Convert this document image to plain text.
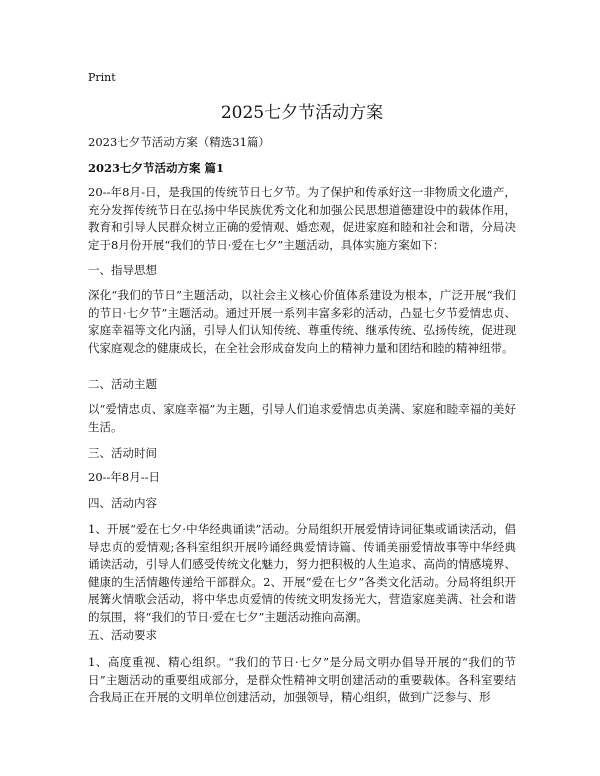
Print
2025七夕节活动方案
2023七夕节活动方案（精选31篇）
2023七夕节活动方案 篇1
20--年8月-日，是我国的传统节日七夕节。为了保护和传承好这一非物质文化遗产，充分发挥传统节日在弘扬中华民族优秀文化和加强公民思想道德建设中的载体作用，教育和引导人民群众树立正确的爱情观、婚恋观，促进家庭和睦和社会和谐，分局决定于8月份开展“我们的节日·爱在七夕”主题活动，具体实施方案如下：
一、指导思想
深化“我们的节日”主题活动，以社会主义核心价值体系建设为根本，广泛开展“我们的节日·七夕节”主题活动。通过开展一系列丰富多彩的活动，凸显七夕节爱情忠贞、家庭幸福等文化内涵，引导人们认知传统、尊重传统、继承传统、弘扬传统，促进现代家庭观念的健康成长，在全社会形成奋发向上的精神力量和团结和睦的精神纽带。
二、活动主题
以“爱情忠贞、家庭幸福”为主题，引导人们追求爱情忠贞美满、家庭和睦幸福的美好生活。
三、活动时间
20--年8月--日
四、活动内容
1、开展“爱在七夕·中华经典诵读”活动。分局组织开展爱情诗词征集或诵读活动，倡导忠贞的爱情观;各科室组织开展吟诵经典爱情诗篇、传诵美丽爱情故事等中华经典诵读活动，引导人们感受传统文化魅力，努力把积极的人生追求、高尚的情感境界、健康的生活情趣传递给干部群众。2、开展“爱在七夕”各类文化活动。分局将组织开展篝火情歌会活动，将中华忠贞爱情的传统文明发扬光大，营造家庭美满、社会和谐的氛围，将“我们的节日·爱在七夕”主题活动推向高潮。
五、活动要求
1、高度重视、精心组织。“我们的节日·七夕”是分局文明办倡导开展的“我们的节日”主题活动的重要组成部分，是群众性精神文明创建活动的重要载体。各科室要结合我局正在开展的文明单位创建活动，加强领导，精心组织，做到广泛参与、形
